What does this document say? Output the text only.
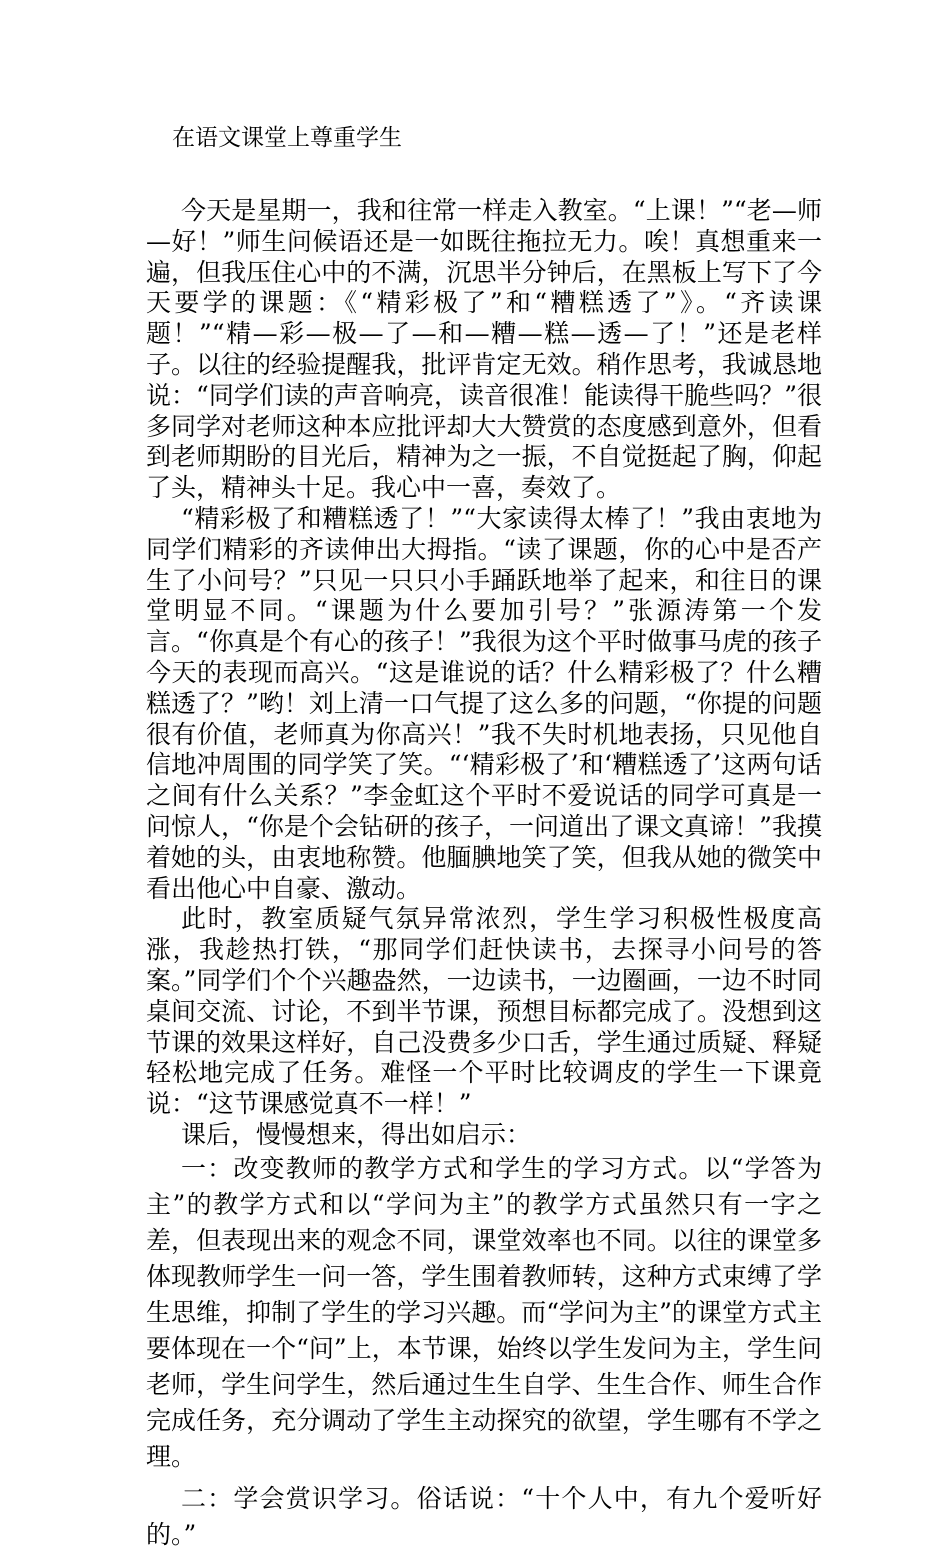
在语文课堂上尊重学生

今天是星期一，我和往常一样走入教室。“上课！”“老—师—好！”师生问候语还是一如既往拖拉无力。唉！真想重来一遍，但我压住心中的不满，沉思半分钟后，在黑板上写下了今天要学的课题：《“精彩极了”和“糟糕透了”》。“齐读课题！”“精—彩—极—了—和—糟—糕—透—了！”还是老样子。以往的经验提醒我，批评肯定无效。稍作思考，我诚恳地说：“同学们读的声音响亮，读音很准！能读得干脆些吗？”很多同学对老师这种本应批评却大大赞赏的态度感到意外，但看到老师期盼的目光后，精神为之一振，不自觉挺起了胸，仰起了头，精神头十足。我心中一喜，奏效了。

“精彩极了和糟糕透了！”“大家读得太棒了！”我由衷地为同学们精彩的齐读伸出大拇指。“读了课题，你的心中是否产生了小问号？”只见一只只小手踊跃地举了起来，和往日的课堂明显不同。“课题为什么要加引号？”张源涛第一个发言。“你真是个有心的孩子！”我很为这个平时做事马虎的孩子今天的表现而高兴。“这是谁说的话？什么精彩极了？什么糟糕透了？”哟！刘上清一口气提了这么多的问题，“你提的问题很有价值，老师真为你高兴！”我不失时机地表扬，只见他自信地冲周围的同学笑了笑。“‘精彩极了’和‘糟糕透了’这两句话之间有什么关系？”李金虹这个平时不爱说话的同学可真是一问惊人，“你是个会钻研的孩子，一问道出了课文真谛！”我摸着她的头，由衷地称赞。他腼腆地笑了笑，但我从她的微笑中看出他心中自豪、激动。

此时，教室质疑气氛异常浓烈，学生学习积极性极度高涨，我趁热打铁，“那同学们赶快读书，去探寻小问号的答案。”同学们个个兴趣盎然，一边读书，一边圈画，一边不时同桌间交流、讨论，不到半节课，预想目标都完成了。没想到这节课的效果这样好，自己没费多少口舌，学生通过质疑、释疑轻松地完成了任务。难怪一个平时比较调皮的学生一下课竟说：“这节课感觉真不一样！”

课后，慢慢想来，得出如启示：

一：改变教师的教学方式和学生的学习方式。以“学答为主”的教学方式和以“学问为主”的教学方式虽然只有一字之差，但表现出来的观念不同，课堂效率也不同。以往的课堂多体现教师学生一问一答，学生围着教师转，这种方式束缚了学生思维，抑制了学生的学习兴趣。而“学问为主”的课堂方式主要体现在一个“问”上，本节课，始终以学生发问为主，学生问老师，学生问学生，然后通过生生自学、生生合作、师生合作完成任务，充分调动了学生主动探究的欲望，学生哪有不学之理。

二：学会赏识学习。俗话说：“十个人中，有九个爱听好的。”
